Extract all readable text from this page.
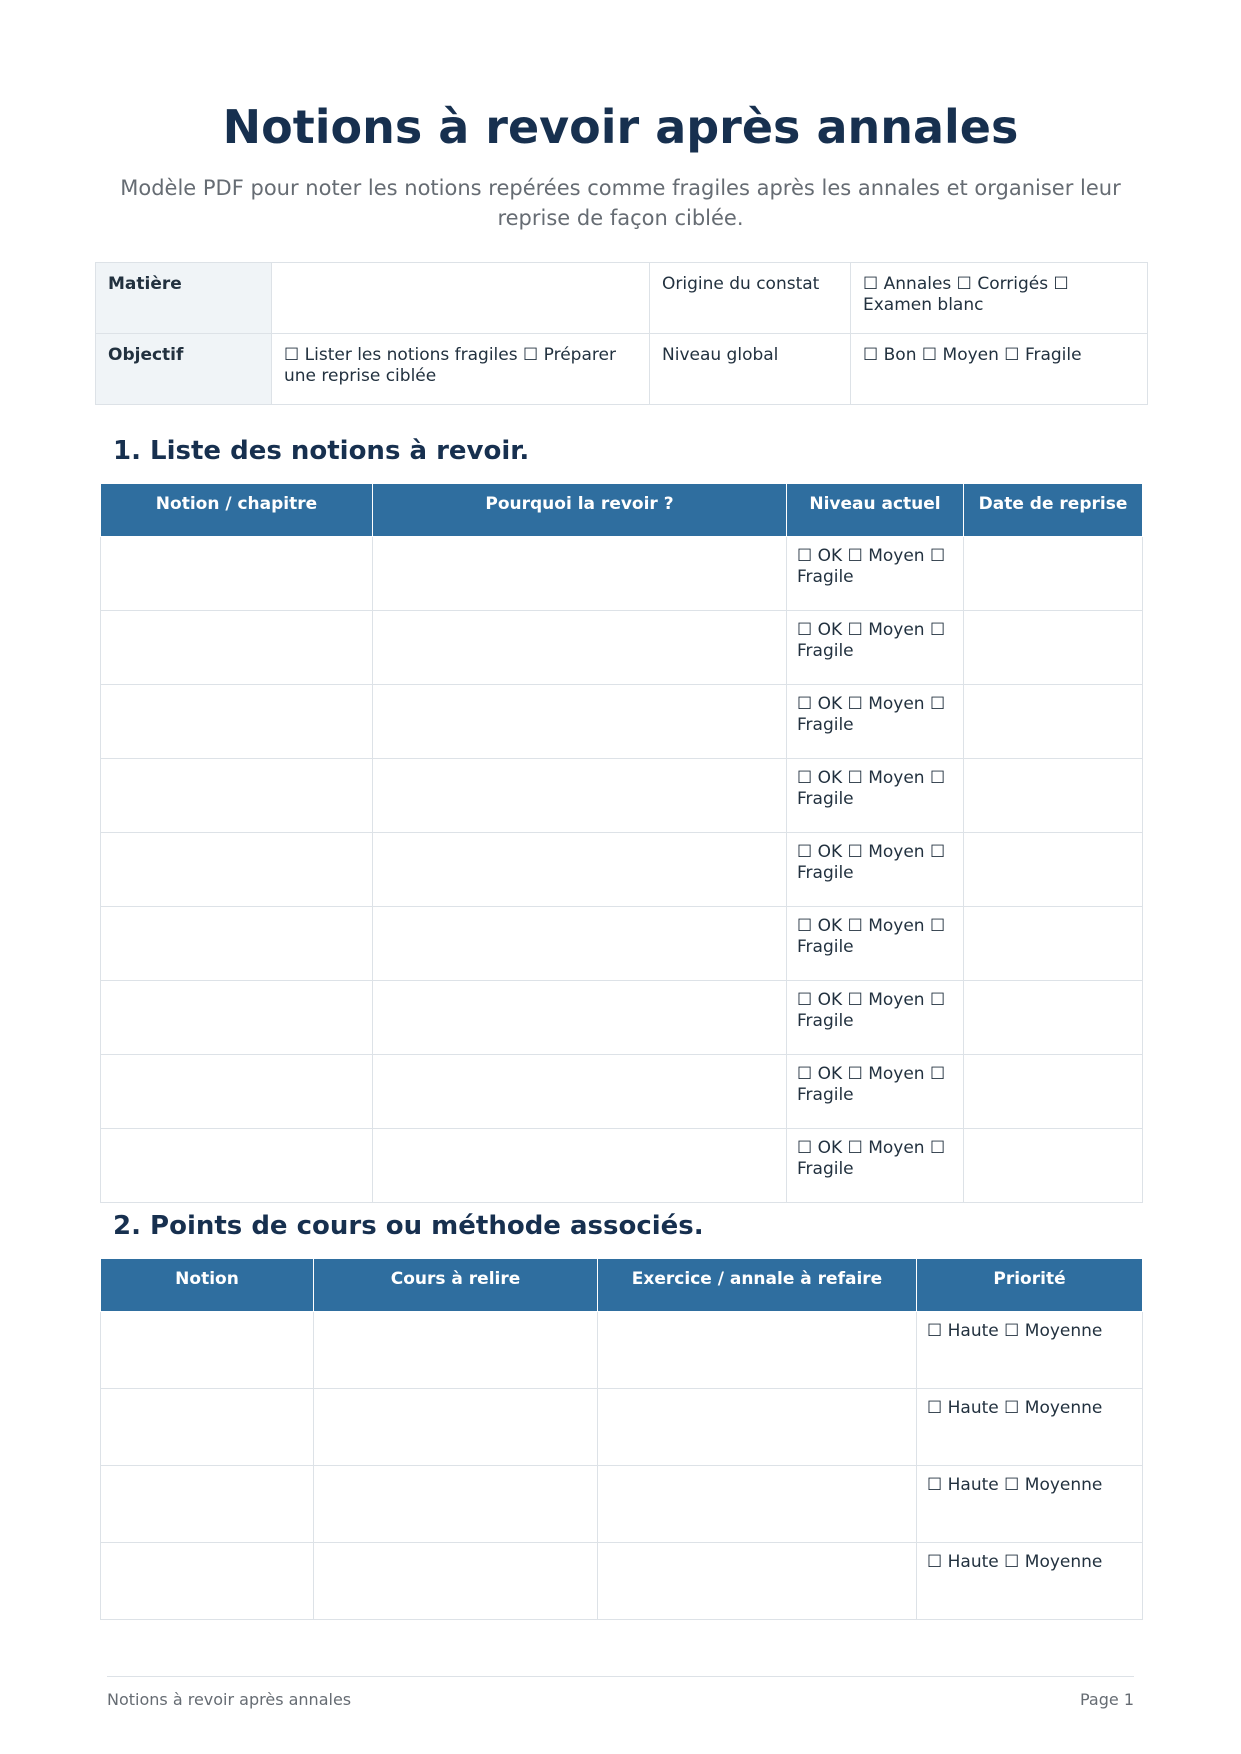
Notions à revoir après annales
Modèle PDF pour noter les notions repérées comme fragiles après les annales et organiser leur reprise de façon ciblée.
Matière		Origine du constat	☐ Annales ☐ Corrigés ☐ Examen blanc
Objectif	☐ Lister les notions fragiles ☐ Préparer une reprise ciblée	Niveau global	☐ Bon ☐ Moyen ☐ Fragile
1. Liste des notions à revoir.
Notion / chapitre	Pourquoi la revoir ?	Niveau actuel	Date de reprise
		☐ OK ☐ Moyen ☐ Fragile	
		☐ OK ☐ Moyen ☐ Fragile	
		☐ OK ☐ Moyen ☐ Fragile	
		☐ OK ☐ Moyen ☐ Fragile	
		☐ OK ☐ Moyen ☐ Fragile	
		☐ OK ☐ Moyen ☐ Fragile	
		☐ OK ☐ Moyen ☐ Fragile	
		☐ OK ☐ Moyen ☐ Fragile	
		☐ OK ☐ Moyen ☐ Fragile	
2. Points de cours ou méthode associés.
Notion	Cours à relire	Exercice / annale à refaire	Priorité
			☐ Haute ☐ Moyenne
			☐ Haute ☐ Moyenne
			☐ Haute ☐ Moyenne
			☐ Haute ☐ Moyenne
Notions à revoir après annales	Page 1
